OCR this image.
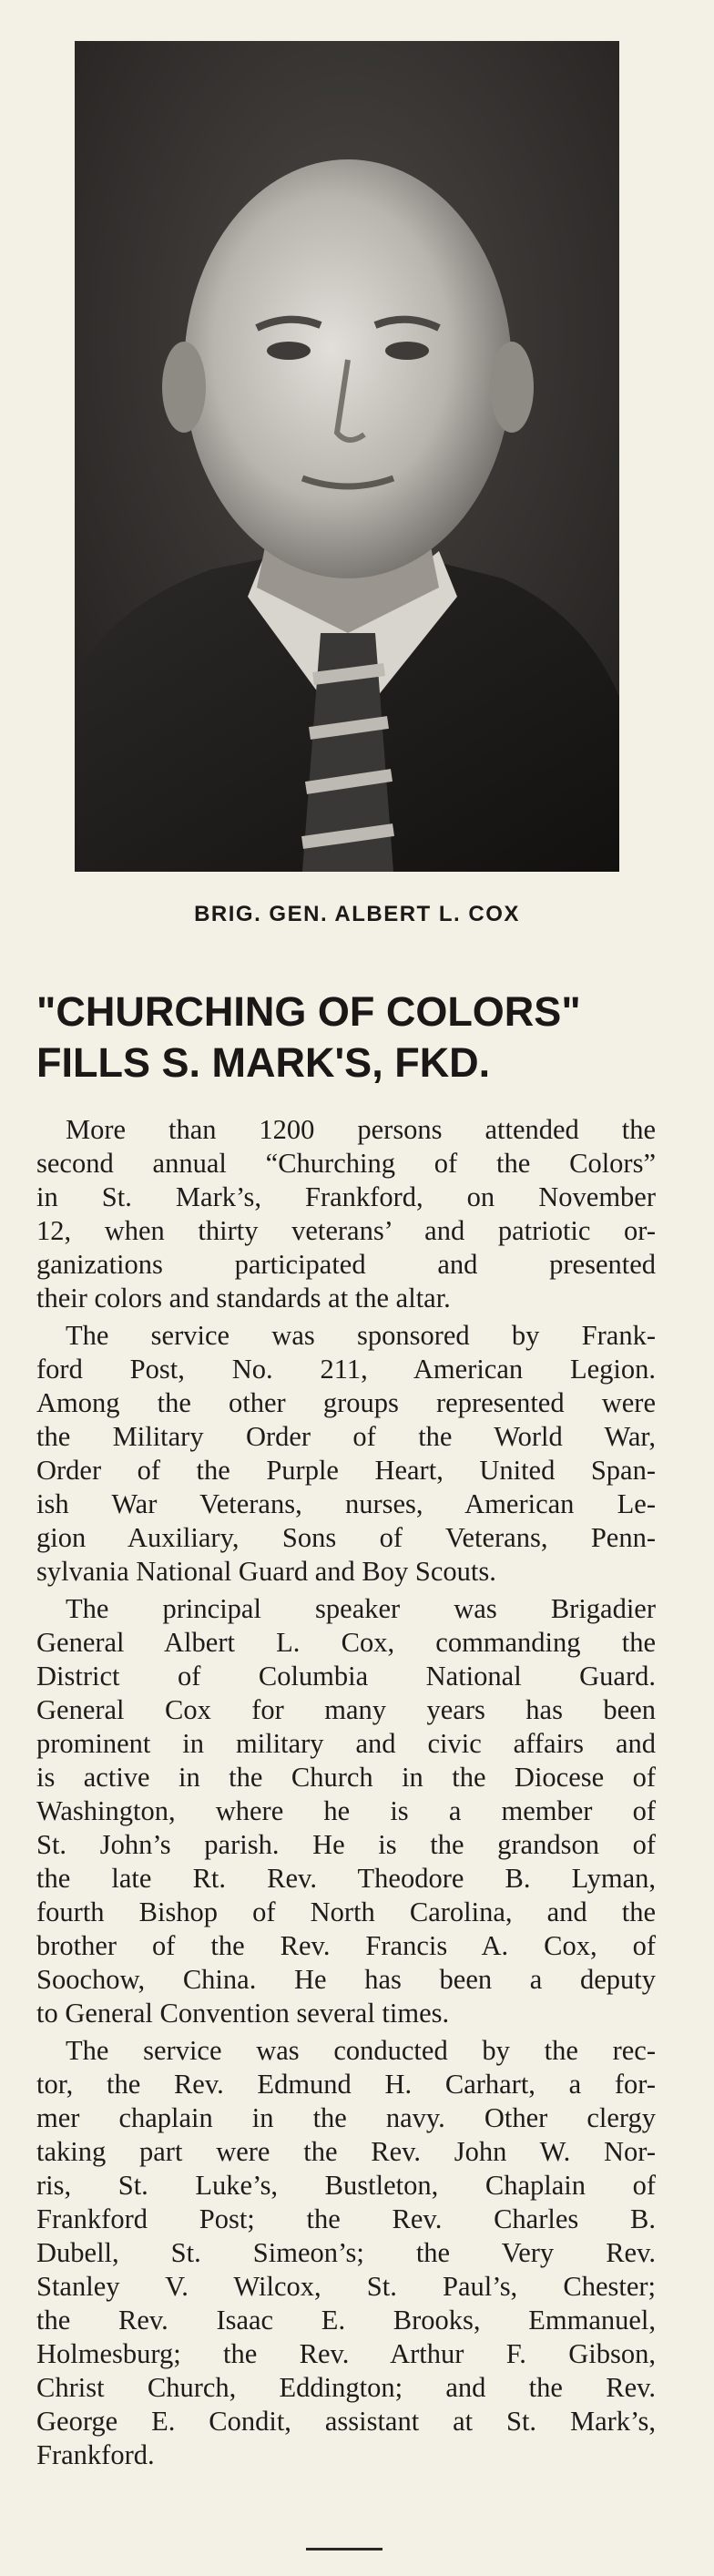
BRIG. GEN. ALBERT L. COX
"CHURCHING OF COLORS"
FILLS S. MARK'S, FKD.

More than 1200 persons attended the
second annual “Churching of the Colors”
in St. Mark’s, Frankford, on November
12, when thirty veterans’ and patriotic or-
ganizations participated and presented
their colors and standards at the altar.

The service was sponsored by Frank-
ford Post, No. 211, American Legion.
Among the other groups represented were
the Military Order of the World War,
Order of the Purple Heart, United Span-
ish War Veterans, nurses, American Le-
gion Auxiliary, Sons of Veterans, Penn-
sylvania National Guard and Boy Scouts.

The principal speaker was Brigadier
General Albert L. Cox, commanding the
District of Columbia National Guard.
General Cox for many years has been
prominent in military and civic affairs and
is active in the Church in the Diocese of
Washington, where he is a member of
St. John’s parish. He is the grandson of
the late Rt. Rev. Theodore B. Lyman,
fourth Bishop of North Carolina, and the
brother of the Rev. Francis A. Cox, of
Soochow, China. He has been a deputy
to General Convention several times.

The service was conducted by the rec-
tor, the Rev. Edmund H. Carhart, a for-
mer chaplain in the navy. Other clergy
taking part were the Rev. John W. Nor-
ris, St. Luke’s, Bustleton, Chaplain of
Frankford Post; the Rev. Charles B.
Dubell, St. Simeon’s; the Very Rev.
Stanley V. Wilcox, St. Paul’s, Chester;
the Rev. Isaac E. Brooks, Emmanuel,
Holmesburg; the Rev. Arthur F. Gibson,
Christ Church, Eddington; and the Rev.
George E. Condit, assistant at St. Mark’s,
Frankford.
